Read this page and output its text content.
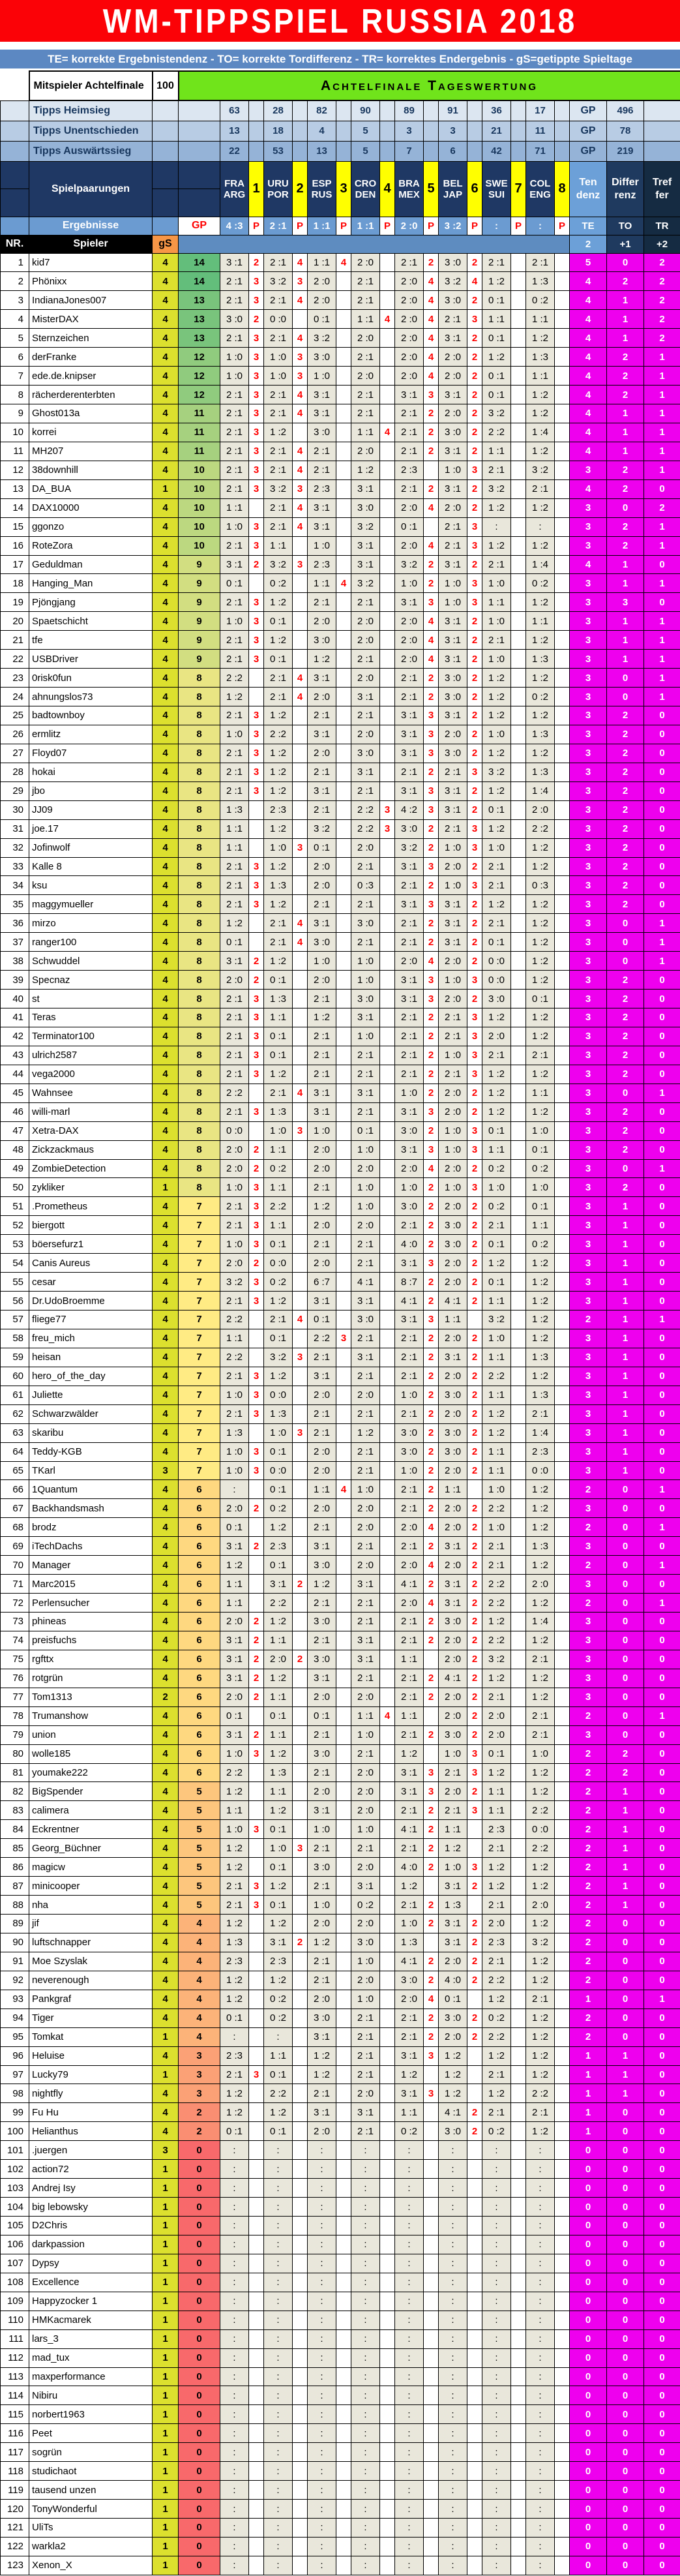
WM-TIPPSPIEL RUSSIA 2018
TE= korrekte Ergebnistendenz - TO= korrekte Tordifferenz - TR= korrektes Endergebnis - gS=getippte Spieltage
	Mitspieler Achtelfinale	100	Achtelfinale Tageswertung																			
	Tipps Heimsieg			63		28		82		90		89		91		36		17		GP	496	
	Tipps Unentschieden			13		18		4		5		3		3		21		11		GP	78	
	Tipps Auswärtssieg			22		53		13		5		7		6		42		71		GP	219	

	Spielpaarungen			FRA
ARG	1	URU
POR	2	ESP
RUS	3	CRO
DEN	4	BRA
MEX	5	BEL
JAP	6	SWE
SUI	7	COL
ENG	8	Ten
denz	Differ
renz	Tref
fer
	Ergebnisse		GP	4 :3	P	2 :1	P	1 :1	P	1 :1	P	2 :0	P	3 :2	P	:	P	:	P	TE	TO	TR
NR.	Spieler	gS																		2	+1	+2
1	kid7	4	14	3 :1	2	2 :1	4	1 :1	4	2 :0		2 :1	2	3 :0	2	2 :1		2 :1		5	0	2
2	Phönixx	4	14	2 :1	3	3 :2	3	2 :0		2 :1		2 :0	4	3 :2	4	1 :2		1 :3		4	2	2
3	IndianaJones007	4	13	2 :1	3	2 :1	4	2 :0		2 :1		2 :0	4	3 :0	2	0 :1		0 :2		4	1	2
4	MisterDAX	4	13	3 :0	2	0 :0		0 :1		1 :1	4	2 :0	4	2 :1	3	1 :1		1 :1		4	1	2
5	Sternzeichen	4	13	2 :1	3	2 :1	4	3 :2		2 :0		2 :0	4	3 :1	2	0 :1		1 :2		4	1	2
6	derFranke	4	12	1 :0	3	1 :0	3	3 :0		2 :1		2 :0	4	2 :0	2	1 :2		1 :3		4	2	1
7	ede.de.knipser	4	12	1 :0	3	1 :0	3	1 :0		2 :0		2 :0	4	2 :0	2	0 :1		1 :1		4	2	1
8	rächerderenterbten	4	12	2 :1	3	2 :1	4	3 :1		2 :1		3 :1	3	3 :1	2	0 :1		1 :2		4	2	1
9	Ghost013a	4	11	2 :1	3	2 :1	4	3 :1		2 :1		2 :1	2	2 :0	2	3 :2		1 :2		4	1	1
10	korrei	4	11	2 :1	3	1 :2		3 :0		1 :1	4	2 :1	2	3 :0	2	2 :2		1 :4		4	1	1
11	MH207	4	11	2 :1	3	2 :1	4	2 :1		2 :0		2 :1	2	3 :1	2	1 :1		1 :2		4	1	1
12	38downhill	4	10	2 :1	3	2 :1	4	2 :1		1 :2		2 :3		1 :0	3	2 :1		3 :2		3	2	1
13	DA_BUA	1	10	2 :1	3	3 :2	3	2 :3		3 :1		2 :1	2	3 :1	2	3 :2		2 :1		4	2	0
14	DAX10000	4	10	1 :1		2 :1	4	3 :1		3 :0		2 :0	4	2 :0	2	1 :2		1 :2		3	0	2
15	ggonzo	4	10	1 :0	3	2 :1	4	3 :1		3 :2		0 :1		2 :1	3	:		:		3	2	1
16	RoteZora	4	10	2 :1	3	1 :1		1 :0		3 :1		2 :0	4	2 :1	3	1 :2		1 :2		3	2	1
17	Geduldman	4	9	3 :1	2	3 :2	3	2 :3		3 :1		3 :2	2	3 :1	2	2 :1		1 :4		4	1	0
18	Hanging_Man	4	9	0 :1		0 :2		1 :1	4	3 :2		1 :0	2	1 :0	3	1 :0		0 :2		3	1	1
19	Pjöngjang	4	9	2 :1	3	1 :2		2 :1		2 :1		3 :1	3	1 :0	3	1 :1		1 :2		3	3	0
20	Spaetschicht	4	9	1 :0	3	0 :1		2 :0		2 :0		2 :0	4	3 :1	2	1 :0		1 :1		3	1	1
21	tfe	4	9	2 :1	3	1 :2		3 :0		2 :0		2 :0	4	3 :1	2	2 :1		1 :2		3	1	1
22	USBDriver	4	9	2 :1	3	0 :1		1 :2		2 :1		2 :0	4	3 :1	2	1 :0		1 :3		3	1	1
23	0risk0fun	4	8	2 :2		2 :1	4	3 :1		2 :0		2 :1	2	3 :0	2	1 :2		1 :2		3	0	1
24	ahnungslos73	4	8	1 :2		2 :1	4	2 :0		3 :1		2 :1	2	3 :0	2	1 :2		0 :2		3	0	1
25	badtownboy	4	8	2 :1	3	1 :2		2 :1		2 :1		3 :1	3	3 :1	2	1 :2		1 :2		3	2	0
26	ermlitz	4	8	1 :0	3	2 :2		3 :1		2 :0		3 :1	3	2 :0	2	1 :0		1 :3		3	2	0
27	Floyd07	4	8	2 :1	3	1 :2		2 :0		3 :0		3 :1	3	3 :0	2	1 :2		1 :2		3	2	0
28	hokai	4	8	2 :1	3	1 :2		2 :1		3 :1		2 :1	2	2 :1	3	3 :2		1 :3		3	2	0
29	jbo	4	8	2 :1	3	1 :2		3 :1		2 :1		3 :1	3	3 :1	2	1 :2		1 :4		3	2	0
30	JJ09	4	8	1 :3		2 :3		2 :1		2 :2	3	4 :2	3	3 :1	2	0 :1		2 :0		3	2	0
31	joe.17	4	8	1 :1		1 :2		3 :2		2 :2	3	3 :0	2	2 :1	3	1 :2		2 :2		3	2	0
32	Jofinwolf	4	8	1 :1		1 :0	3	0 :1		2 :0		3 :2	2	1 :0	3	1 :0		1 :2		3	2	0
33	Kalle 8	4	8	2 :1	3	1 :2		2 :0		2 :1		3 :1	3	2 :0	2	2 :1		1 :2		3	2	0
34	ksu	4	8	2 :1	3	1 :3		2 :0		0 :3		2 :1	2	1 :0	3	2 :1		0 :3		3	2	0
35	maggymueller	4	8	2 :1	3	1 :2		2 :1		2 :1		3 :1	3	3 :1	2	1 :2		1 :2		3	2	0
36	mirzo	4	8	1 :2		2 :1	4	3 :1		3 :0		2 :1	2	3 :1	2	2 :1		1 :2		3	0	1
37	ranger100	4	8	0 :1		2 :1	4	3 :0		2 :1		2 :1	2	3 :1	2	0 :1		1 :2		3	0	1
38	Schwuddel	4	8	3 :1	2	1 :2		1 :0		1 :0		2 :0	4	2 :0	2	0 :0		1 :2		3	0	1
39	Specnaz	4	8	2 :0	2	0 :1		2 :0		1 :0		3 :1	3	1 :0	3	0 :0		1 :2		3	2	0
40	st	4	8	2 :1	3	1 :3		2 :1		3 :0		3 :1	3	2 :0	2	3 :0		0 :1		3	2	0
41	Teras	4	8	2 :1	3	1 :1		1 :2		3 :1		2 :1	2	2 :1	3	1 :2		1 :2		3	2	0
42	Terminator100	4	8	2 :1	3	0 :1		2 :1		1 :0		2 :1	2	2 :1	3	2 :0		1 :2		3	2	0
43	ulrich2587	4	8	2 :1	3	0 :1		2 :1		2 :1		2 :1	2	1 :0	3	2 :1		2 :1		3	2	0
44	vega2000	4	8	2 :1	3	1 :2		2 :1		2 :1		2 :1	2	2 :1	3	1 :2		1 :2		3	2	0
45	Wahnsee	4	8	2 :2		2 :1	4	3 :1		3 :1		1 :0	2	2 :0	2	1 :2		1 :1		3	0	1
46	willi-marl	4	8	2 :1	3	1 :3		3 :1		2 :1		3 :1	3	2 :0	2	1 :2		1 :2		3	2	0
47	Xetra-DAX	4	8	0 :0		1 :0	3	1 :0		0 :1		3 :0	2	1 :0	3	0 :1		1 :0		3	2	0
48	Zickzackmaus	4	8	2 :0	2	1 :1		2 :0		1 :0		3 :1	3	1 :0	3	1 :1		0 :1		3	2	0
49	ZombieDetection	4	8	2 :0	2	0 :2		2 :0		2 :0		2 :0	4	2 :0	2	0 :2		0 :2		3	0	1
50	zykliker	1	8	1 :0	3	1 :1		2 :1		1 :0		1 :0	2	1 :0	3	1 :0		1 :0		3	2	0
51	.Prometheus	4	7	2 :1	3	2 :2		1 :2		1 :0		3 :0	2	2 :0	2	0 :2		0 :1		3	1	0
52	biergott	4	7	2 :1	3	1 :1		2 :0		2 :0		2 :1	2	3 :0	2	2 :1		1 :1		3	1	0
53	böersefurz1	4	7	1 :0	3	0 :1		2 :1		2 :1		4 :0	2	3 :0	2	0 :1		0 :2		3	1	0
54	Canis Aureus	4	7	2 :0	2	0 :0		2 :0		2 :1		3 :1	3	2 :0	2	1 :2		1 :2		3	1	0
55	cesar	4	7	3 :2	3	0 :2		6 :7		4 :1		8 :7	2	2 :0	2	0 :1		1 :2		3	1	0
56	Dr.UdoBroemme	4	7	2 :1	3	1 :2		3 :1		3 :1		4 :1	2	4 :1	2	1 :1		1 :2		3	1	0
57	fliege77	4	7	2 :2		2 :1	4	0 :1		3 :0		3 :1	3	1 :1		3 :2		1 :2		2	1	1
58	freu_mich	4	7	1 :1		0 :1		2 :2	3	2 :1		2 :1	2	2 :0	2	1 :0		1 :2		3	1	0
59	heisan	4	7	2 :2		3 :2	3	2 :1		3 :1		2 :1	2	3 :1	2	1 :1		1 :3		3	1	0
60	hero_of_the_day	4	7	2 :1	3	1 :2		3 :1		2 :1		2 :1	2	2 :0	2	2 :2		1 :2		3	1	0
61	Juliette	4	7	1 :0	3	0 :0		2 :0		2 :0		1 :0	2	3 :0	2	1 :1		1 :3		3	1	0
62	Schwarzwälder	4	7	2 :1	3	1 :3		2 :1		2 :1		2 :1	2	2 :0	2	1 :2		2 :1		3	1	0
63	skaribu	4	7	1 :3		1 :0	3	2 :1		1 :2		3 :0	2	3 :0	2	1 :2		1 :4		3	1	0
64	Teddy-KGB	4	7	1 :0	3	0 :1		2 :0		2 :1		3 :0	2	3 :0	2	1 :1		2 :3		3	1	0
65	TKarl	3	7	1 :0	3	0 :0		2 :0		2 :1		1 :0	2	2 :0	2	1 :1		0 :0		3	1	0
66	1Quantum	4	6	:		0 :1		1 :1	4	1 :0		2 :1	2	1 :1		1 :0		1 :2		2	0	1
67	Backhandsmash	4	6	2 :0	2	0 :2		2 :0		2 :0		2 :1	2	2 :0	2	2 :2		1 :2		3	0	0
68	brodz	4	6	0 :1		1 :2		2 :1		2 :0		2 :0	4	2 :0	2	1 :0		1 :2		2	0	1
69	iTechDachs	4	6	3 :1	2	2 :3		3 :1		2 :1		2 :1	2	3 :1	2	2 :1		1 :3		3	0	0
70	Manager	4	6	1 :2		0 :1		3 :0		2 :0		2 :0	4	2 :0	2	2 :1		1 :2		2	0	1
71	Marc2015	4	6	1 :1		3 :1	2	1 :2		3 :1		4 :1	2	3 :1	2	2 :2		2 :0		3	0	0
72	Perlensucher	4	6	1 :1		2 :2		2 :1		2 :1		2 :0	4	3 :1	2	2 :2		1 :2		2	0	1
73	phineas	4	6	2 :0	2	1 :2		3 :0		2 :1		2 :1	2	3 :0	2	1 :2		1 :4		3	0	0
74	preisfuchs	4	6	3 :1	2	1 :1		2 :1		3 :1		2 :1	2	2 :0	2	2 :2		1 :2		3	0	0
75	rgfttx	4	6	3 :1	2	2 :0	2	3 :0		3 :1		1 :1		2 :0	2	3 :2		2 :1		3	0	0
76	rotgrün	4	6	3 :1	2	1 :2		3 :1		2 :1		2 :1	2	4 :1	2	1 :2		1 :2		3	0	0
77	Tom1313	2	6	2 :0	2	1 :1		2 :0		2 :0		2 :1	2	2 :0	2	2 :1		1 :2		3	0	0
78	Trumanshow	4	6	0 :1		0 :1		0 :1		1 :1	4	1 :1		2 :0	2	2 :0		2 :1		2	0	1
79	union	4	6	3 :1	2	1 :1		2 :1		1 :0		2 :1	2	3 :0	2	2 :0		2 :1		3	0	0
80	wolle185	4	6	1 :0	3	1 :2		3 :0		2 :1		1 :2		1 :0	3	0 :1		1 :0		2	2	0
81	youmake222	4	6	2 :2		1 :3		2 :1		2 :0		3 :1	3	2 :1	3	1 :2		1 :2		2	2	0
82	BigSpender	4	5	1 :2		1 :1		2 :0		2 :0		3 :1	3	2 :0	2	1 :1		1 :2		2	1	0
83	calimera	4	5	1 :1		1 :2		3 :1		2 :0		2 :1	2	2 :1	3	1 :1		2 :2		2	1	0
84	Eckrentner	4	5	1 :0	3	0 :1		1 :0		1 :0		4 :1	2	1 :1		2 :3		0 :0		2	1	0
85	Georg_Büchner	4	5	1 :2		1 :0	3	2 :1		2 :1		2 :1	2	1 :2		2 :1		2 :2		2	1	0
86	magicw	4	5	1 :2		0 :1		3 :0		2 :0		4 :0	2	1 :0	3	1 :2		1 :2		2	1	0
87	minicooper	4	5	2 :1	3	1 :2		2 :1		3 :1		1 :2		3 :1	2	1 :2		1 :2		2	1	0
88	nha	4	5	2 :1	3	0 :1		1 :0		0 :2		2 :1	2	1 :3		2 :1		2 :0		2	1	0
89	jif	4	4	1 :2		1 :2		2 :0		2 :0		1 :0	2	3 :1	2	2 :0		1 :2		2	0	0
90	luftschnapper	4	4	1 :3		3 :1	2	1 :2		3 :0		1 :3		3 :1	2	2 :3		3 :2		2	0	0
91	Moe Szyslak	4	4	2 :3		2 :3		2 :1		1 :0		4 :1	2	2 :0	2	2 :1		1 :2		2	0	0
92	neverenough	4	4	1 :2		1 :2		2 :1		2 :0		3 :0	2	4 :0	2	2 :2		1 :2		2	0	0
93	Pankgraf	4	4	1 :2		0 :2		2 :0		1 :0		2 :0	4	0 :1		1 :2		2 :1		1	0	1
94	Tiger	4	4	0 :1		0 :2		3 :0		2 :1		2 :1	2	3 :0	2	0 :2		1 :2		2	0	0
95	Tomkat	1	4	:		:		3 :1		2 :1		2 :1	2	2 :0	2	2 :2		1 :2		2	0	0
96	Heluise	4	3	2 :3		1 :1		1 :2		2 :1		3 :1	3	1 :2		1 :2		1 :2		1	1	0
97	Lucky79	1	3	2 :1	3	0 :1		1 :2		2 :1		1 :2		1 :2		2 :1		1 :2		1	1	0
98	nightfly	4	3	1 :2		2 :2		2 :1		2 :0		3 :1	3	1 :2		1 :2		2 :2		1	1	0
99	Fu Hu	4	2	1 :2		1 :2		3 :1		3 :1		1 :1		4 :1	2	2 :1		2 :1		1	0	0
100	Helianthus	4	2	0 :1		0 :1		2 :0		2 :1		0 :2		3 :0	2	0 :2		1 :2		1	0	0
101	.juergen	3	0	:		:		:		:		:		:		:		:		0	0	0
102	action72	1	0	:		:		:		:		:		:		:		:		0	0	0
103	Andrej Isy	1	0	:		:		:		:		:		:		:		:		0	0	0
104	big lebowsky	1	0	:		:		:		:		:		:		:		:		0	0	0
105	D2Chris	1	0	:		:		:		:		:		:		:		:		0	0	0
106	darkpassion	1	0	:		:		:		:		:		:		:		:		0	0	0
107	Dypsy	1	0	:		:		:		:		:		:		:		:		0	0	0
108	Excellence	1	0	:		:		:		:		:		:		:		:		0	0	0
109	Happyzocker 1	1	0	:		:		:		:		:		:		:		:		0	0	0
110	HMKacmarek	1	0	:		:		:		:		:		:		:		:		0	0	0
111	lars_3	1	0	:		:		:		:		:		:		:		:		0	0	0
112	mad_tux	1	0	:		:		:		:		:		:		:		:		0	0	0
113	maxperformance	1	0	:		:		:		:		:		:		:		:		0	0	0
114	Nibiru	1	0	:		:		:		:		:		:		:		:		0	0	0
115	norbert1963	1	0	:		:		:		:		:		:		:		:		0	0	0
116	Peet	1	0	:		:		:		:		:		:		:		:		0	0	0
117	sogrün	1	0	:		:		:		:		:		:		:		:		0	0	0
118	studichaot	1	0	:		:		:		:		:		:		:		:		0	0	0
119	tausend unzen	1	0	:		:		:		:		:		:		:		:		0	0	0
120	TonyWonderful	1	0	:		:		:		:		:		:		:		:		0	0	0
121	UliTs	1	0	:		:		:		:		:		:		:		:		0	0	0
122	warkla2	1	0	:		:		:		:		:		:		:		:		0	0	0
123	Xenon_X	1	0	:		:		:		:		:		:		:		:		0	0	0
